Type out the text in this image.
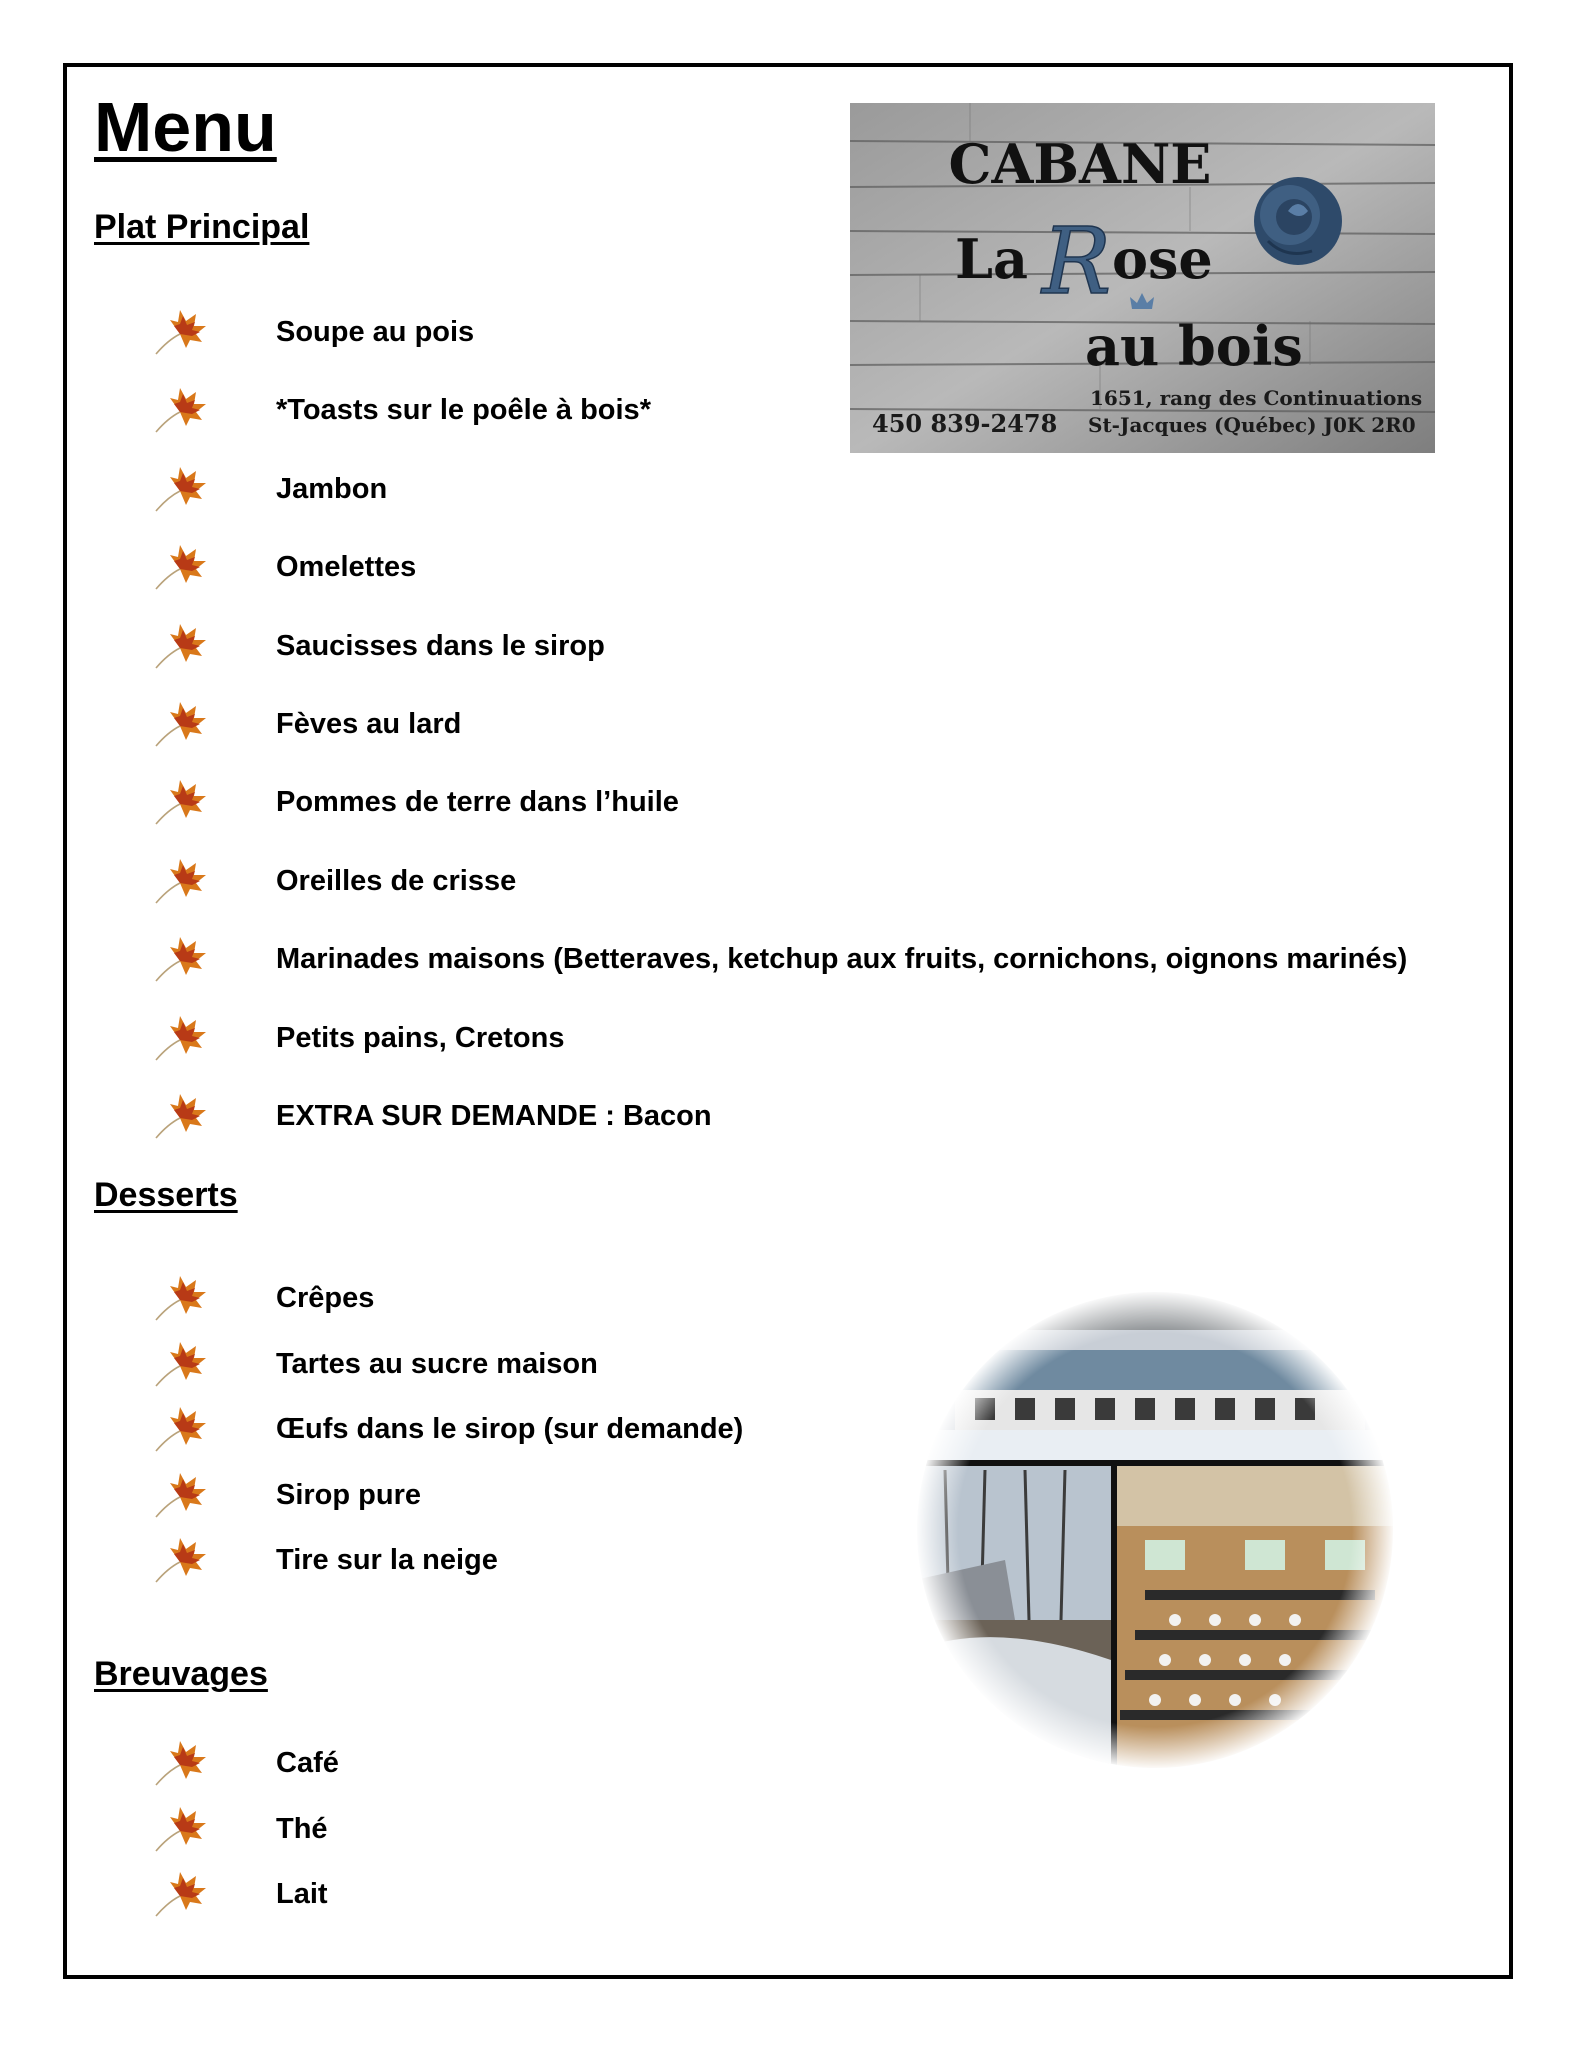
Menu
Plat Principal
Soupe au pois
*Toasts sur le poêle à bois*
Jambon
Omelettes
Saucisses dans le sirop
Fèves au lard
Pommes de terre dans l’huile
Oreilles de crisse
Marinades maisons (Betteraves, ketchup aux fruits, cornichons, oignons marinés)
Petits pains, Cretons
EXTRA SUR DEMANDE : Bacon
Desserts
Crêpes
Tartes au sucre maison
Œufs dans le sirop (sur demande)
Sirop pure
Tire sur la neige
Breuvages
Café
Thé
Lait
CABANE
La R ose
au bois
1651, rang des Continuations
St-Jacques (Québec) J0K 2R0
450 839-2478
